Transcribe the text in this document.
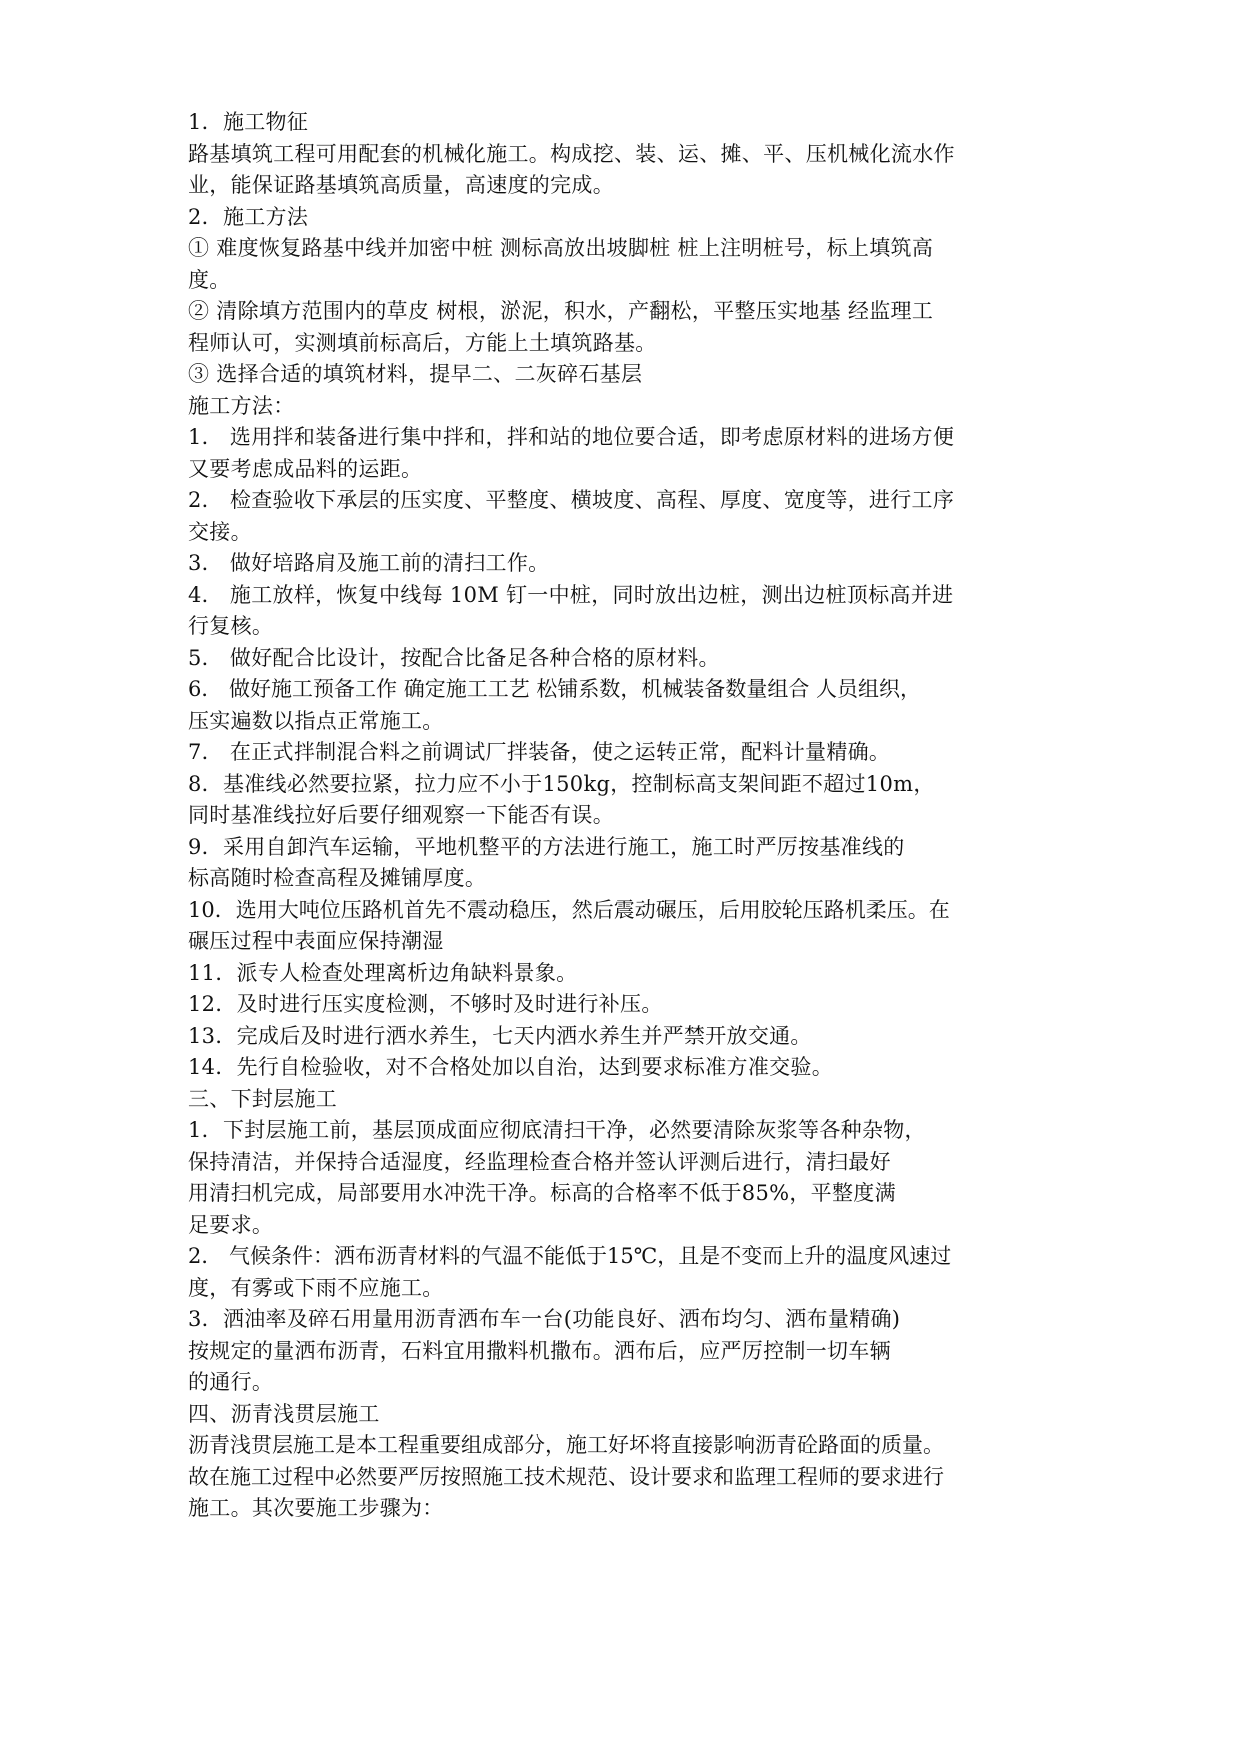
1．施工物征
路基填筑工程可用配套的机械化施工。构成挖、装、运、摊、平、压机械化流水作
业，能保证路基填筑高质量，高速度的完成。
2．施工方法
① 难度恢复路基中线并加密中桩 测标高放出坡脚桩 桩上注明桩号，标上填筑高
度。
② 清除填方范围内的草皮 树根，淤泥，积水，产翻松，平整压实地基 经监理工
程师认可，实测填前标高后，方能上土填筑路基。
③ 选择合适的填筑材料，提早二、二灰碎石基层
施工方法：
1． 选用拌和装备进行集中拌和，拌和站的地位要合适，即考虑原材料的进场方便
又要考虑成品料的运距。
2． 检查验收下承层的压实度、平整度、横坡度、高程、厚度、宽度等，进行工序
交接。
3． 做好培路肩及施工前的清扫工作。
4． 施工放样，恢复中线每 10M 钉一中桩，同时放出边桩，测出边桩顶标高并进
行复核。
5． 做好配合比设计，按配合比备足各种合格的原材料。
6． 做好施工预备工作 确定施工工艺 松铺系数，机械装备数量组合 人员组织，
压实遍数以指点正常施工。
7． 在正式拌制混合料之前调试厂拌装备，使之运转正常，配料计量精确。
8．基准线必然要拉紧，拉力应不小于150kg，控制标高支架间距不超过10m，
同时基准线拉好后要仔细观察一下能否有误。
9．采用自卸汽车运输，平地机整平的方法进行施工，施工时严厉按基准线的
标高随时检查高程及摊铺厚度。
10．选用大吨位压路机首先不震动稳压，然后震动碾压，后用胶轮压路机柔压。在
碾压过程中表面应保持潮湿
11．派专人检查处理离析边角缺料景象。
12．及时进行压实度检测，不够时及时进行补压。
13．完成后及时进行洒水养生，七天内洒水养生并严禁开放交通。
14．先行自检验收，对不合格处加以自治，达到要求标准方准交验。
三、下封层施工
1．下封层施工前，基层顶成面应彻底清扫干净，必然要清除灰浆等各种杂物，
保持清洁，并保持合适湿度，经监理检查合格并签认评测后进行，清扫最好
用清扫机完成，局部要用水冲洗干净。标高的合格率不低于85%，平整度满
足要求。
2． 气候条件：洒布沥青材料的气温不能低于15℃，且是不变而上升的温度风速过
度，有雾或下雨不应施工。
3．洒油率及碎石用量用沥青洒布车一台(功能良好、洒布均匀、洒布量精确)
按规定的量洒布沥青，石料宜用撒料机撒布。洒布后，应严厉控制一切车辆
的通行。
四、沥青浅贯层施工
沥青浅贯层施工是本工程重要组成部分，施工好坏将直接影响沥青砼路面的质量。
故在施工过程中必然要严厉按照施工技术规范、设计要求和监理工程师的要求进行
施工。其次要施工步骤为：
